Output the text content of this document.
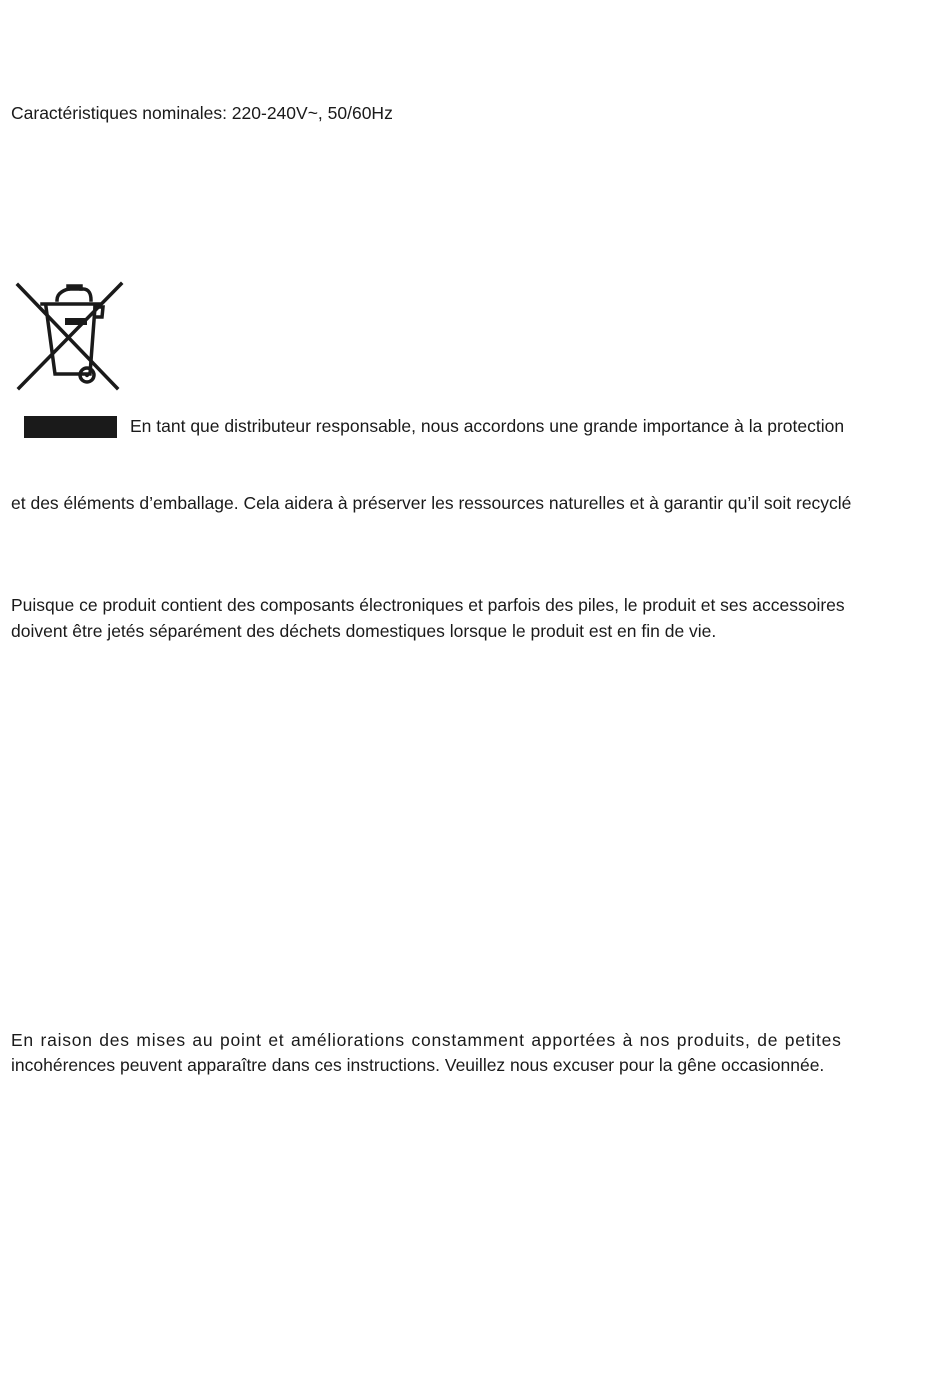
Caractéristiques nominales: 220-240V~, 50/60Hz

En tant que distributeur responsable, nous accordons une grande importance à la protection

et des éléments d’emballage. Cela aidera à préserver les ressources naturelles et à garantir qu’il soit recyclé

Puisque ce produit contient des composants électroniques et parfois des piles, le produit et ses accessoires

doivent être jetés séparément des déchets domestiques lorsque le produit est en fin de vie.

En raison des mises au point et améliorations constamment apportées à nos produits, de petites

incohérences peuvent apparaître dans ces instructions. Veuillez nous excuser pour la gêne occasionnée.
